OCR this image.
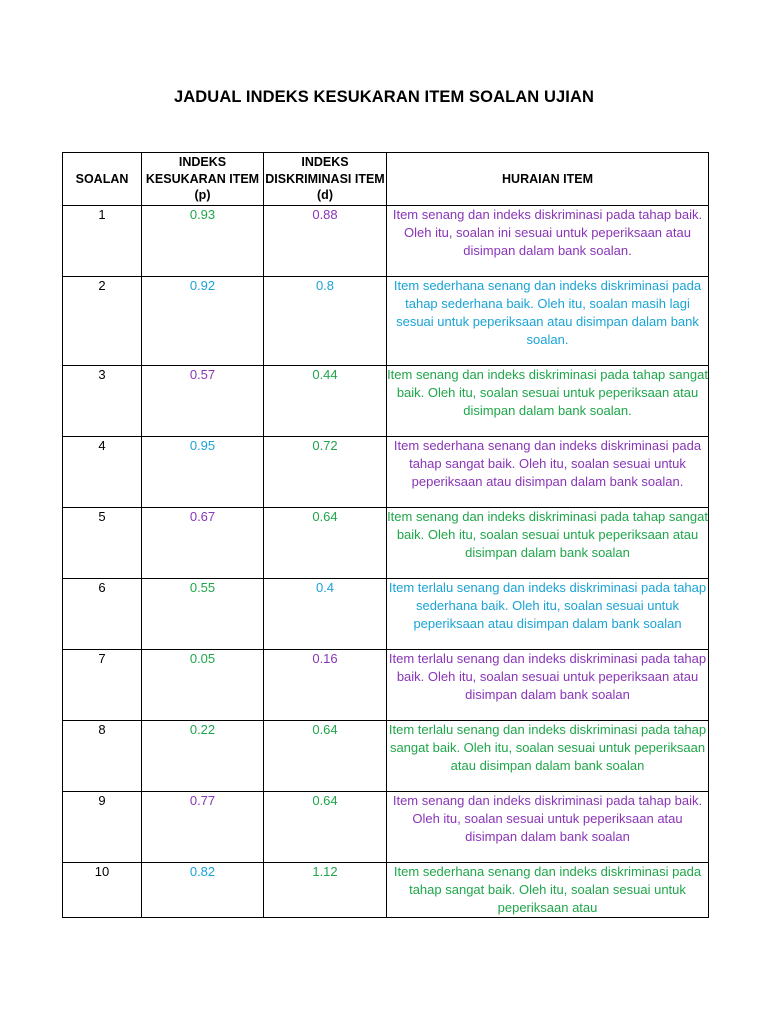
JADUAL INDEKS KESUKARAN ITEM SOALAN UJIAN
SOALAN	INDEKS KESUKARAN ITEM (p)	INDEKS DISKRIMINASI ITEM (d)	HURAIAN ITEM
1	0.93	0.88	Item senang dan indeks diskriminasi pada tahap baik. Oleh itu, soalan ini sesuai untuk peperiksaan atau disimpan dalam bank soalan.
2	0.92	0.8	Item sederhana senang dan indeks diskriminasi pada tahap sederhana baik. Oleh itu, soalan masih lagi sesuai untuk peperiksaan atau disimpan dalam bank soalan.
3	0.57	0.44	Item senang dan indeks diskriminasi pada tahap sangat baik. Oleh itu, soalan sesuai untuk peperiksaan atau disimpan dalam bank soalan.
4	0.95	0.72	Item sederhana senang dan indeks diskriminasi pada tahap sangat baik. Oleh itu, soalan sesuai untuk peperiksaan atau disimpan dalam bank soalan.
5	0.67	0.64	Item senang dan indeks diskriminasi pada tahap sangat baik. Oleh itu, soalan sesuai untuk peperiksaan atau disimpan dalam bank soalan
6	0.55	0.4	Item terlalu senang dan indeks diskriminasi pada tahap sederhana baik. Oleh itu, soalan sesuai untuk peperiksaan atau disimpan dalam bank soalan
7	0.05	0.16	Item terlalu senang dan indeks diskriminasi pada tahap baik. Oleh itu, soalan sesuai untuk peperiksaan atau disimpan dalam bank soalan
8	0.22	0.64	Item terlalu senang dan indeks diskriminasi pada tahap sangat baik. Oleh itu, soalan sesuai untuk peperiksaan atau disimpan dalam bank soalan
9	0.77	0.64	Item senang dan indeks diskriminasi pada tahap baik. Oleh itu, soalan sesuai untuk peperiksaan atau disimpan dalam bank soalan
10	0.82	1.12	Item sederhana senang dan indeks diskriminasi pada tahap sangat baik. Oleh itu, soalan sesuai untuk peperiksaan atau
